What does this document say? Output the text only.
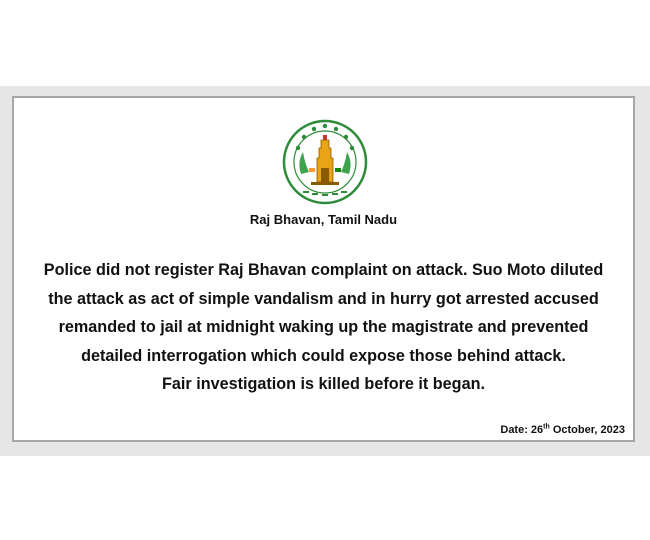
Raj Bhavan, Tamil Nadu
Police did not register Raj Bhavan complaint on attack. Suo Moto diluted
the attack as act of simple vandalism and in hurry got arrested accused
remanded to jail at midnight waking up the magistrate and prevented
detailed interrogation which could expose those behind attack.
Fair investigation is killed before it began.
Date: 26th October, 2023
